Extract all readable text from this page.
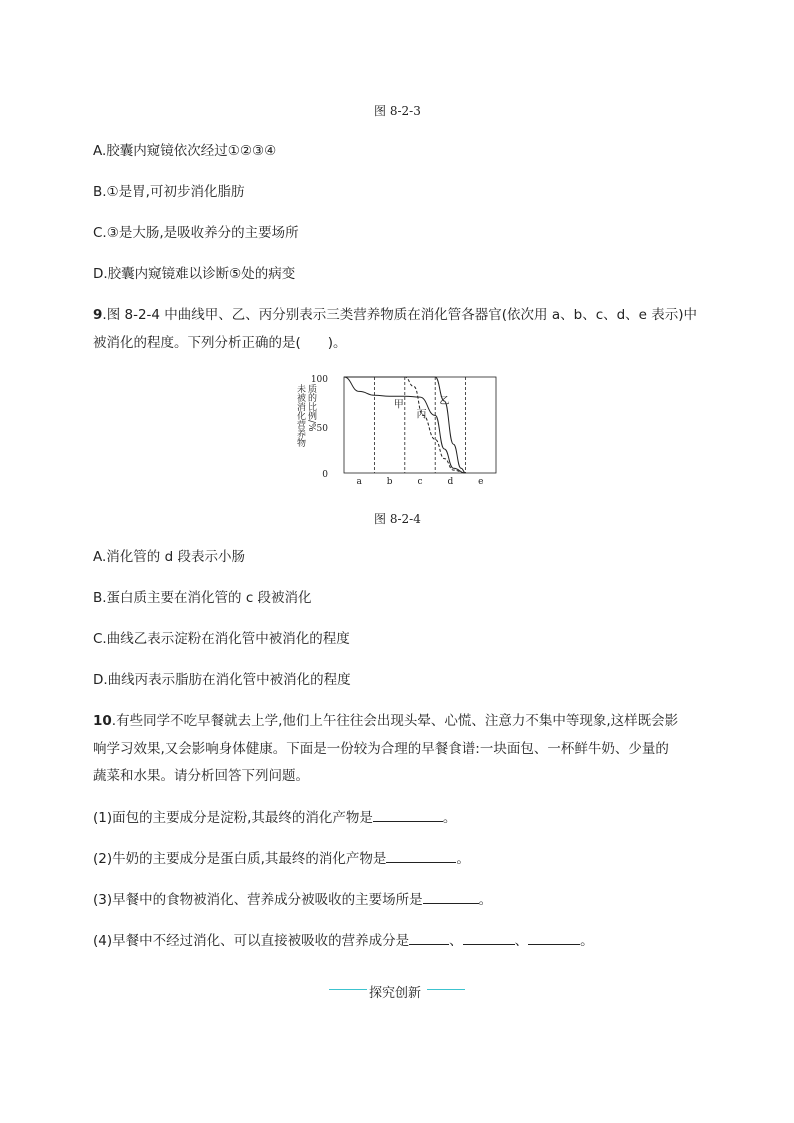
图 8-2-3
A.胶囊内窥镜依次经过①②③④
B.①是胃,可初步消化脂肪
C.③是大肠,是吸收养分的主要场所
D.胶囊内窥镜难以诊断⑤处的病变
9.图 8-2-4 中曲线甲、乙、丙分别表示三类营养物质在消化管各器官(依次用 a、b、c、d、e 表示)中
被消化的程度。下列分析正确的是(　　)。
未被消化营养物 质的比例/%
100
50
0
a	b	c	d	e
甲
丙
乙
图 8-2-4
A.消化管的 d 段表示小肠
B.蛋白质主要在消化管的 c 段被消化
C.曲线乙表示淀粉在消化管中被消化的程度
D.曲线丙表示脂肪在消化管中被消化的程度
10.有些同学不吃早餐就去上学,他们上午往往会出现头晕、心慌、注意力不集中等现象,这样既会影
响学习效果,又会影响身体健康。下面是一份较为合理的早餐食谱:一块面包、一杯鲜牛奶、少量的
蔬菜和水果。请分析回答下列问题。
(1)面包的主要成分是淀粉,其最终的消化产物是	。
(2)牛奶的主要成分是蛋白质,其最终的消化产物是	。
(3)早餐中的食物被消化、营养成分被吸收的主要场所是	。
(4)早餐中不经过消化、可以直接被吸收的营养成分是	、	、	。
探究创新
